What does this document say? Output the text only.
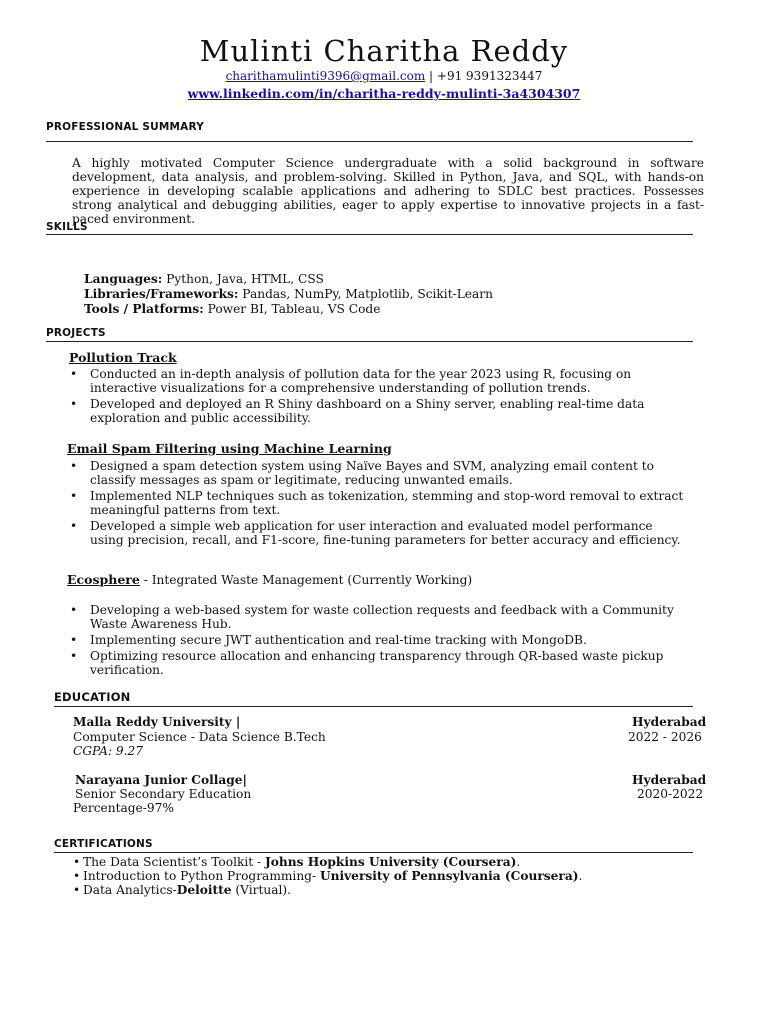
Mulinti Charitha Reddy
charithamulinti9396@gmail.com | +91 9391323447
www.linkedin.com/in/charitha-reddy-mulinti-3a4304307
PROFESSIONAL SUMMARY
A highly motivated Computer Science undergraduate with a solid background in software development, data analysis, and problem-solving. Skilled in Python, Java, and SQL, with hands-on experience in developing scalable applications and adhering to SDLC best practices. Possesses strong analytical and debugging abilities, eager to apply expertise to innovative projects in a fast-paced environment.
SKILLS
Languages: Python, Java, HTML, CSS
Libraries/Frameworks: Pandas, NumPy, Matplotlib, Scikit-Learn
Tools / Platforms: Power BI, Tableau, VS Code
PROJECTS
Pollution Track
• Conducted an in-depth analysis of pollution data for the year 2023 using R, focusing on interactive visualizations for a comprehensive understanding of pollution trends.
• Developed and deployed an R Shiny dashboard on a Shiny server, enabling real-time data exploration and public accessibility.
Email Spam Filtering using Machine Learning
• Designed a spam detection system using Naïve Bayes and SVM, analyzing email content to classify messages as spam or legitimate, reducing unwanted emails.
• Implemented NLP techniques such as tokenization, stemming and stop-word removal to extract meaningful patterns from text.
• Developed a simple web application for user interaction and evaluated model performance using precision, recall, and F1-score, fine-tuning parameters for better accuracy and efficiency.
Ecosphere - Integrated Waste Management (Currently Working)
• Developing a web-based system for waste collection requests and feedback with a Community Waste Awareness Hub.
• Implementing secure JWT authentication and real-time tracking with MongoDB.
• Optimizing resource allocation and enhancing transparency through QR-based waste pickup verification.
EDUCATION
Malla Reddy University |	Hyderabad
Computer Science - Data Science B.Tech	2022 - 2026
CGPA: 9.27
Narayana Junior Collage|	Hyderabad
Senior Secondary Education	2020-2022
Percentage-97%
CERTIFICATIONS
• The Data Scientist’s Toolkit - Johns Hopkins University (Coursera).
• Introduction to Python Programming- University of Pennsylvania (Coursera).
• Data Analytics-Deloitte (Virtual).
